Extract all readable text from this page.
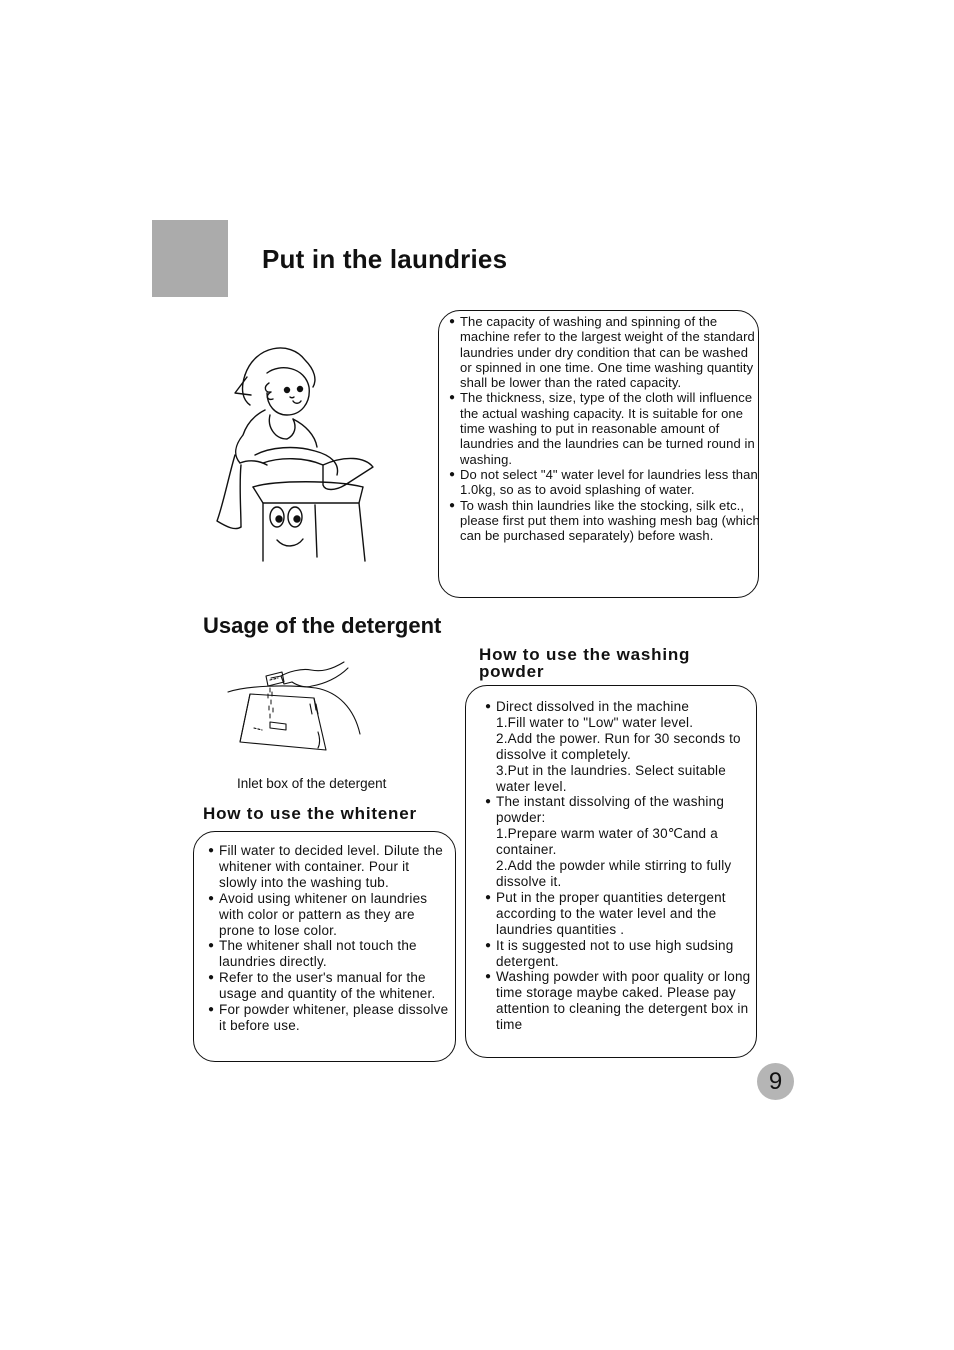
Put in the laundries
● The capacity of washing and spinning of the machine refer to the largest weight of the standard laundries under dry condition that can be washed or spinned in one time. One time washing quantity shall be lower than the rated capacity.
● The thickness, size, type of the cloth will influence the actual washing capacity. It is suitable for one time washing to put in reasonable amount of laundries and the laundries can be turned round in washing.
● Do not select "4" water level for laundries less than 1.0kg, so as to avoid splashing of water.
● To wash thin laundries like the stocking, silk etc., please first put them into washing mesh bag (which can be purchased separately) before wash.
Usage of the detergent
Inlet box of the detergent
How to use the whitener
● Fill water to decided level. Dilute the whitener with container. Pour it slowly into the washing tub.
● Avoid using whitener on laundries with color or pattern as they are prone to lose color.
● The whitener shall not touch the laundries directly.
● Refer to the user's manual for the usage and quantity of the whitener.
● For powder whitener, please dissolve it before use.
How to use the washing
powder
● Direct dissolved in the machine
1.Fill water to "Low" water level.
2.Add the power. Run for 30 seconds to dissolve it completely.
3.Put in the laundries. Select suitable water level.
● The instant dissolving of the washing powder:
1.Prepare warm water of 30℃and a container.
2.Add the powder while stirring to fully dissolve it.
● Put in the proper quantities detergent according to the water level and the laundries quantities .
● It is suggested not to use high sudsing detergent.
● Washing powder with poor quality or long time storage maybe caked. Please pay attention to cleaning the detergent box in time
9
